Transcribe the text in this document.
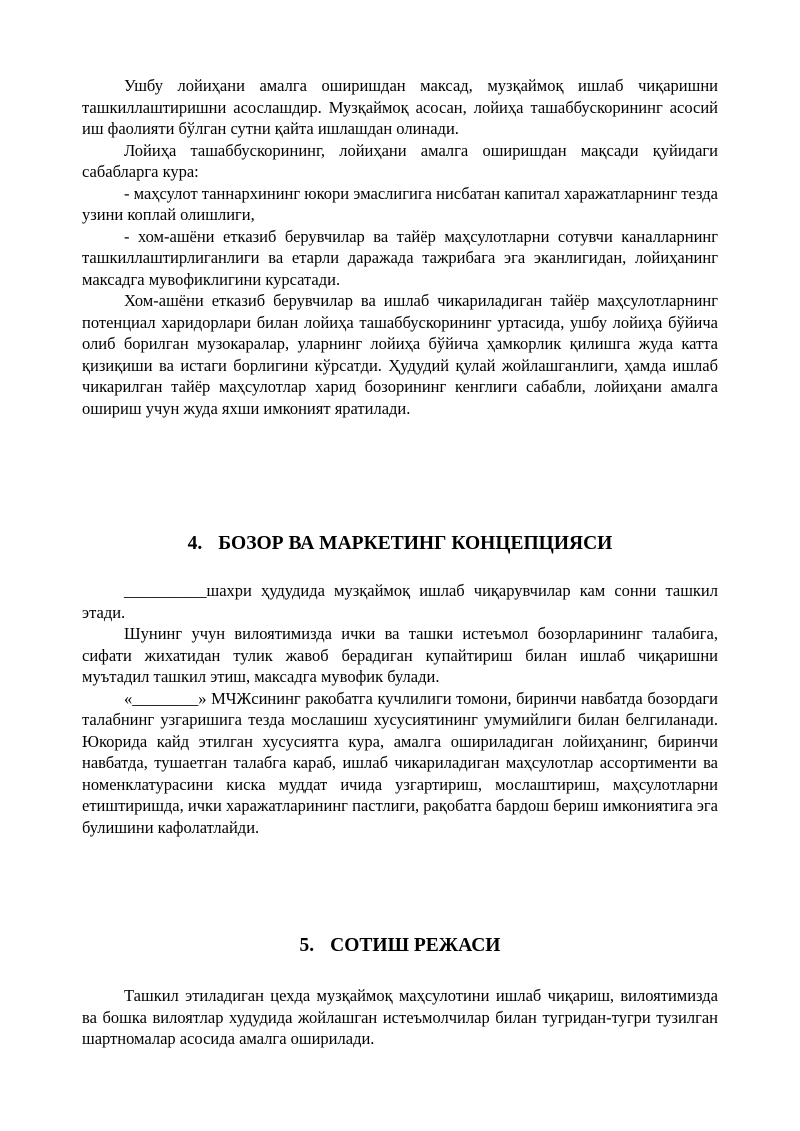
Ушбу лойиҳани амалга оширишдан максад, музқаймоқ ишлаб чиқаришни ташкиллаштиришни асослашдир. Музқаймоқ асосан, лойиҳа ташаббускорининг асосий иш фаолияти бўлган сутни қайта ишлашдан олинади.

Лойиҳа ташаббускорининг, лойиҳани амалга оширишдан мақсади қуйидаги сабабларга кура:

- маҳсулот таннархининг юкори эмаслигига нисбатан капитал харажатларнинг тезда узини коплай олишлиги,

- хом-ашёни етказиб берувчилар ва тайёр маҳсулотларни сотувчи каналларнинг ташкиллаштирлиганлиги ва етарли даражада тажрибага эга эканлигидан, лойиҳанинг максадга мувофиклигини курсатади.

Хом-ашёни етказиб берувчилар ва ишлаб чикариладиган тайёр маҳсулотларнинг потенциал харидорлари билан лойиҳа ташаббускорининг уртасида, ушбу лойиҳа бўйича олиб борилган музокаралар, уларнинг лойиҳа бўйича ҳамкорлик қилишга жуда катта қизиқиши ва истаги борлигини кўрсатди. Ҳудудий қулай жойлашганлиги, ҳамда ишлаб чикарилган тайёр маҳсулотлар харид бозорининг кенглиги сабабли, лойиҳани амалга ошириш учун жуда яхши имконият яратилади.

4. БОЗОР ВА МАРКЕТИНГ КОНЦЕПЦИЯСИ

__________шахри ҳудудида музқаймоқ ишлаб чиқарувчилар кам сонни ташкил этади.

Шунинг учун вилоятимизда ички ва ташки истеъмол бозорларининг талабига, сифати жихатидан тулик жавоб берадиган купайтириш билан ишлаб чиқаришни муътадил ташкил этиш, максадга мувофик булади.

«________» МЧЖсининг ракобатга кучлилиги томони, биринчи навбатда бозордаги талабнинг узгаришига тезда мослашиш хусусиятининг умумийлиги билан белгиланади. Юкорида кайд этилган хусусиятга кура, амалга ошириладиган лойиҳанинг, биринчи навбатда, тушаетган талабга караб, ишлаб чикариладиган маҳсулотлар ассортименти ва номенклатурасини киска муддат ичида узгартириш, мослаштириш, маҳсулотларни етиштиришда, ички харажатларининг пастлиги, рақобатга бардош бериш имкониятига эга булишини кафолатлайди.

5. СОТИШ РЕЖАСИ

Ташкил этиладиган цехда музқаймоқ маҳсулотини ишлаб чиқариш, вилоятимизда ва бошка вилоятлар худудида жойлашган истеъмолчилар билан тугридан-тугри тузилган шартномалар асосида амалга оширилади.
